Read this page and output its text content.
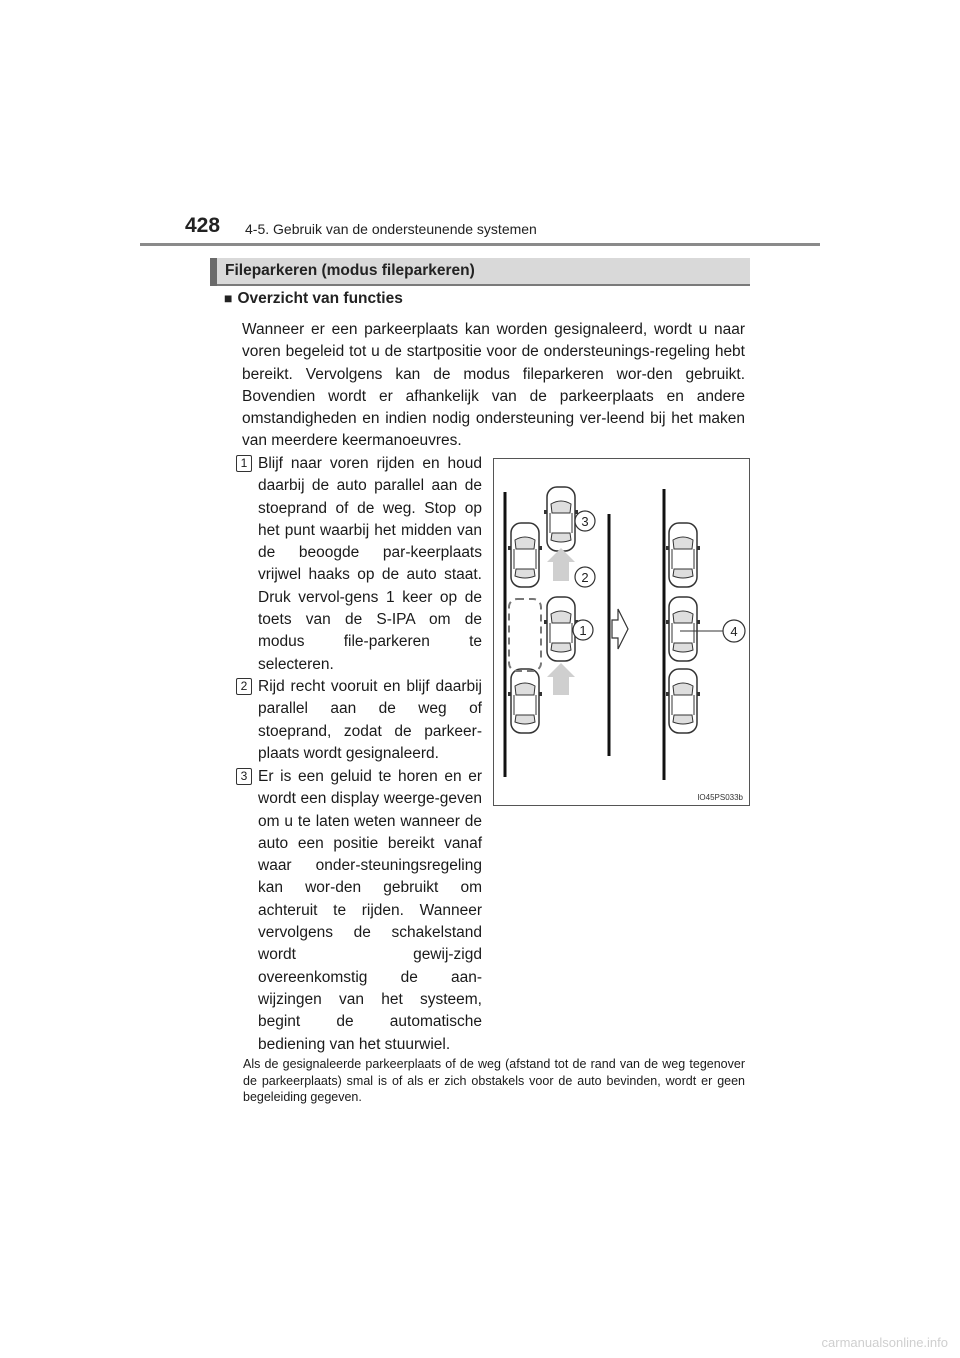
428 4-5. Gebruik van de ondersteunende systemen
Fileparkeren (modus fileparkeren)
■ Overzicht van functies

Wanneer er een parkeerplaats kan worden gesignaleerd, wordt u naar voren begeleid tot u de startpositie voor de ondersteunings-regeling hebt bereikt. Vervolgens kan de modus fileparkeren wor-den gebruikt. Bovendien wordt er afhankelijk van de parkeerplaats en andere omstandigheden en indien nodig ondersteuning ver-leend bij het maken van meerdere keermanoeuvres.

1 Blijf naar voren rijden en houd daarbij de auto parallel aan de stoeprand of de weg. Stop op het punt waarbij het midden van de beoogde par-keerplaats vrijwel haaks op de auto staat. Druk vervol-gens 1 keer op de toets van de S-IPA om de modus file-parkeren te selecteren.

2 Rijd recht vooruit en blijf daarbij parallel aan de weg of stoeprand, zodat de parkeer-plaats wordt gesignaleerd.

3 Er is een geluid te horen en er wordt een display weerge-geven om u te laten weten wanneer de auto een positie bereikt vanaf waar onder-steuningsregeling kan wor-den gebruikt om achteruit te rijden. Wanneer vervolgens de schakelstand wordt gewij-zigd overeenkomstig de aan-wijzingen van het systeem, begint de automatische bediening van het stuurwiel.

3
2
1	4
IO45PS033b

Als de gesignaleerde parkeerplaats of de weg (afstand tot de rand van de weg tegenover de parkeerplaats) smal is of als er zich obstakels voor de auto bevinden, wordt er geen begeleiding gegeven.

carmanualsonline.info
